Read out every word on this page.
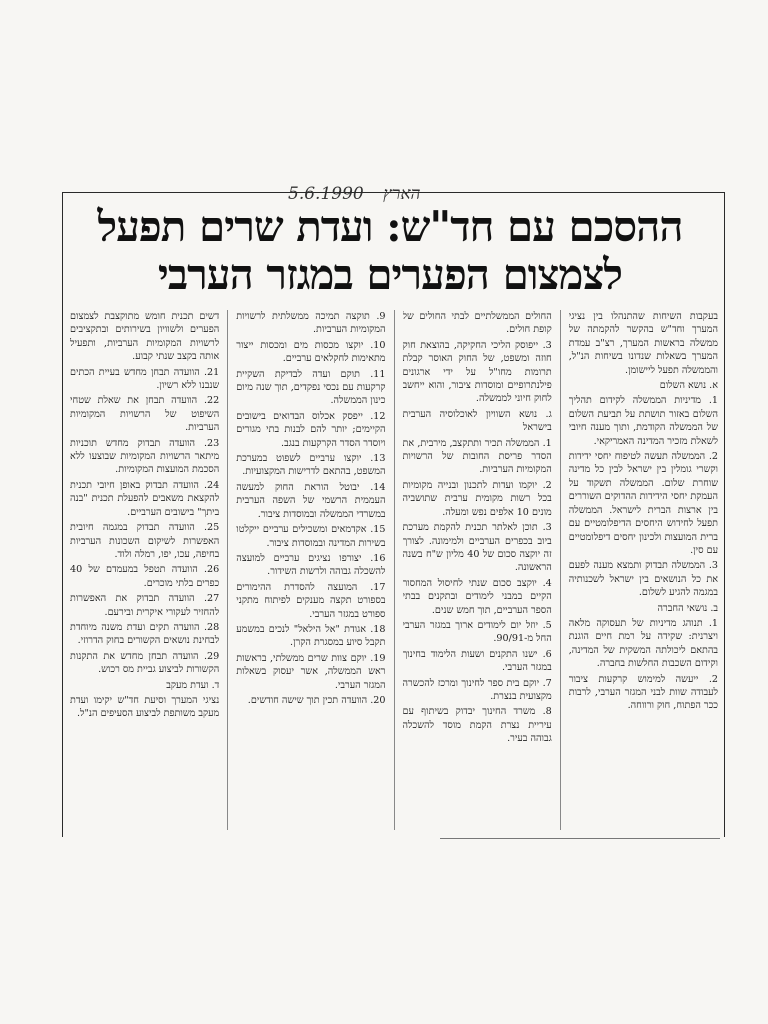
5.6.1990 הארץ
ההסכם עם חד"ש: ועדת שרים תפעל
לצמצום הפערים במגזר הערבי

בעקבות השיחות שהתנהלו בין נציגי המערך וחד"ש בהקשר להקמתה של ממשלה בראשות המערך, רצ"ב עמדת המערך בשאלות שנדונו בשיחות הנ"ל, והממשלה תפעל ליישומן.

א. נושא השלום

1. מדיניות הממשלה לקידום תהליך השלום באזור תושתת על תביעת השלום של הממשלה הקודמת, ותוך מענה חיובי לשאלת מזכיר המדינה האמריקאי.

2. הממשלה תעשה לטיפוח יחסי ידידות וקשרי גומלין בין ישראל לבין כל מדינה שוחרת שלום. הממשלה תשקוד על העמקת יחסי הידידות ההדוקים השוררים בין ארצות הברית לישראל. הממשלה תפעל לחידוש היחסים הדיפלומטיים עם ברית המועצות ולכינון יחסים דיפלומטיים עם סין.

3. הממשלה תבדוק ותמצא מענה לפעם את כל הנושאים בין ישראל לשכנותיה במגמה להגיע לשלום.

ב. נושאי החברה

1. תנוהג מדיניות של תעסוקה מלאה ויצרנית: שקידה על רמת חיים הוגנת בהתאם ליכולתה המשקית של המדינה, וקידום השכבות החלשות בחברה.

2. ייעשה למימוש קרקעות ציבור לעבודה שוות לבני המגזר הערבי, לרבות ככר הפתוח, חוק ורווחה.

החולים הממשלתיים לבתי החולים של קופת חולים.

3. ייפוסק הליכי החקיקה, בהוצאת חוק חוזה ומשפט, של החוק האוסר קבלת תרומות מחו"ל על ידי ארגונים פילנתרופיים ומוסדות ציבור, והוא ייחשב לחוק חיוני לממשלה.

ג. נושא השוויון לאוכלוסיה הערבית בישראל

1. הממשלה תכיר ותתקצב, מירבית, את הסדר פריסת החובות של הרשויות המקומיות הערביות.

2. יוקמו ועדות לתכנון ובנייה מקומיות בכל רשות מקומית ערבית שתושביה מונים 10 אלפים נפש ומעלה.

3. תוכן לאלתר תכנית להקמת מערכת ביוב בכפרים הערביים ולמימונה. לצורך זה יוקצה סכום של 40 מליון ש"ח בשנה הראשונה.

4. יוקצב סכום שנתי לחיסול המחסור הקיים במבני לימודים ובתקנים בבתי הספר הערביים, תוך חמש שנים.

5. יוזל יום לימודים ארוך במגזר הערבי החל מ-90/91.

6. ישנו התקנים ושעות הלימוד בחינוך במגזר הערבי.

7. יוקם בית ספר לחינוך ומרכז להכשרה מקצועית בנצרת.

8. משרד החינוך יבדוק בשיתוף עם עיריית נצרת הקמת מוסד להשכלה גבוהה בעיר.

9. תוקצה תמיכה ממשלתית לרשויות המקומיות הערביות.

10. יוקצו מכסות מים ומכסות ייצור מתאימות לחקלאים ערביים.

11. תוקם ועדה לבדיקת השקיית קרקעות עם נכסי נפקדים, תוך שנה מיום כינון הממשלה.

12. ייפסק אכלוס הבדואים בישובים הקיימים; יותר להם לבנות בתי מגורים ויוסדר הסדר הקרקעות בנגב.

13. יוקצו ערביים לשפוט במערכת המשפט, בהתאם לדרישות המקצועיות.

14. יבוטל הוראת החוק למעשה העממית הרשמי של השפה הערבית במשרדי הממשלה ובמוסדות ציבור.

15. אקדמאים ומשכילים ערביים ייקלטו בשירות המדינה ובמוסדות ציבור.

16. יצורפו נציגים ערביים למועצה להשכלה גבוהה ולרשות השידור.

17. המועצה להסדרת ההימורים בספורט תקצה מענקים לפיתוח מתקני ספורט במגזר הערבי.

18. אגודת "אל הילאל" לנכים במשמע תקבל סיוע במסגרת הקרן.

19. יוקם צוות שרים ממשלתי, בראשות ראש הממשלה, אשר יעסוק בשאלות המגזר הערבי.

20. הוועדה תכין תוך שישה חודשים.

דשים תכנית חומש מתוקצבת לצמצום הפערים ולשוויון בשירותים ובתקציבים לרשויות המקומיות הערביות, ותפעיל אותה בקצב שנתי קבוע.

21. הוועדה תבחן מחדש בעיית הכתים שנבנו ללא רשיון.

22. הוועדה תבחן את שאלת שטחי השיפוט של הרשויות המקומיות הערביות.

23. הוועדה תבדוק מחדש תוכניות מיתאר הרשויות המקומיות שבוצעו ללא הסכמת המועצות המקומיות.

24. הוועדה תבדוק באופן חיובי תכנית להקצאת משאבים להפעלת תכנית "בנה ביתך" בישובים הערביים.

25. הוועדה תבדוק במגמה חיובית האפשרות לשיקום השכונות הערביות בחיפה, עכו, יפו, רמלה ולוד.

26. הוועדה תטפל במעמדם של 40 כפרים בלתי מוכרים.

27. הוועדה תבדוק את האפשרות להחזיר לעקורי איקרית ובירעם.

28. הוועדה תקים ועדת משנה מיוחדת לבחינת נושאים הקשורים בחוק הדרוזי.

29. הוועדה תבחן מחדש את התקנות הקשורות לביצוע גביית מס רכוש.

ד. ועדת מעקב

נציגי המערך וסיעת חד"ש יקימו ועדת מעקב משותפת לביצוע הסעיפים הנ"ל.
